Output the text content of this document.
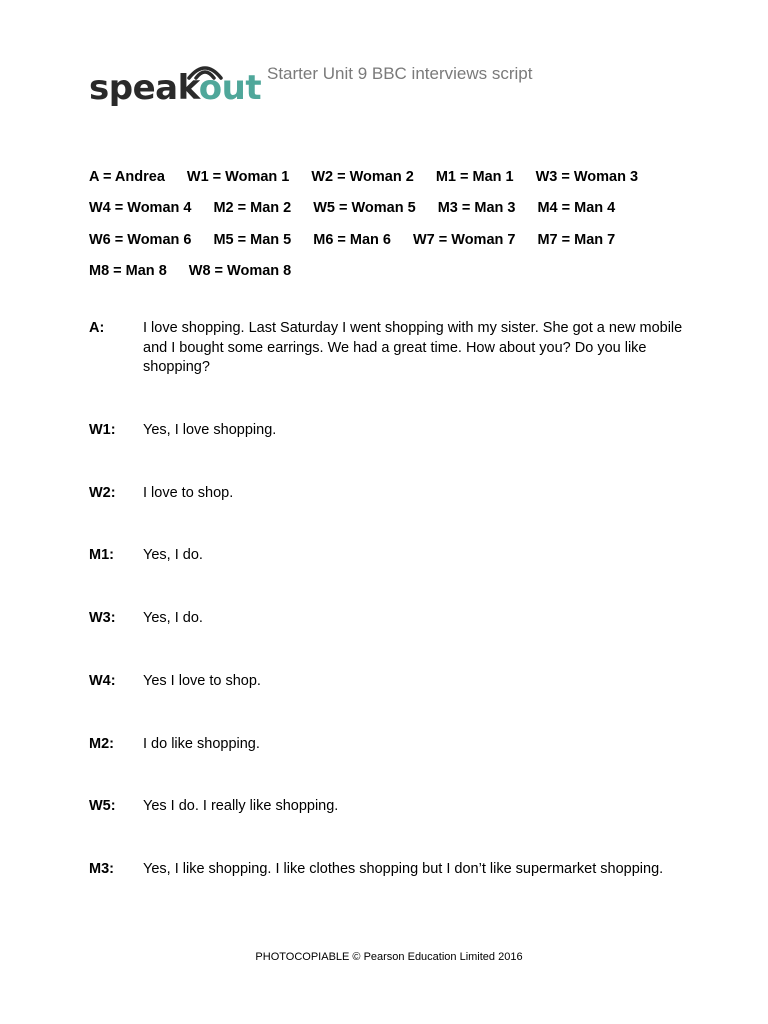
speakout Starter Unit 9 BBC interviews script
A = Andrea W1 = Woman 1 W2 = Woman 2 M1 = Man 1 W3 = Woman 3
W4 = Woman 4 M2 = Man 2 W5 = Woman 5 M3 = Man 3 M4 = Man 4
W6 = Woman 6 M5 = Man 5 M6 = Man 6 W7 = Woman 7 M7 = Man 7
M8 = Man 8 W8 = Woman 8
A:	I love shopping. Last Saturday I went shopping with my sister. She got a new mobile and I bought some earrings. We had a great time. How about you? Do you like shopping?
W1:	Yes, I love shopping.
W2:	I love to shop.
M1:	Yes, I do.
W3:	Yes, I do.
W4:	Yes I love to shop.
M2:	I do like shopping.
W5:	Yes I do. I really like shopping.
M3:	Yes, I like shopping. I like clothes shopping but I don’t like supermarket shopping.
PHOTOCOPIABLE © Pearson Education Limited 2016
